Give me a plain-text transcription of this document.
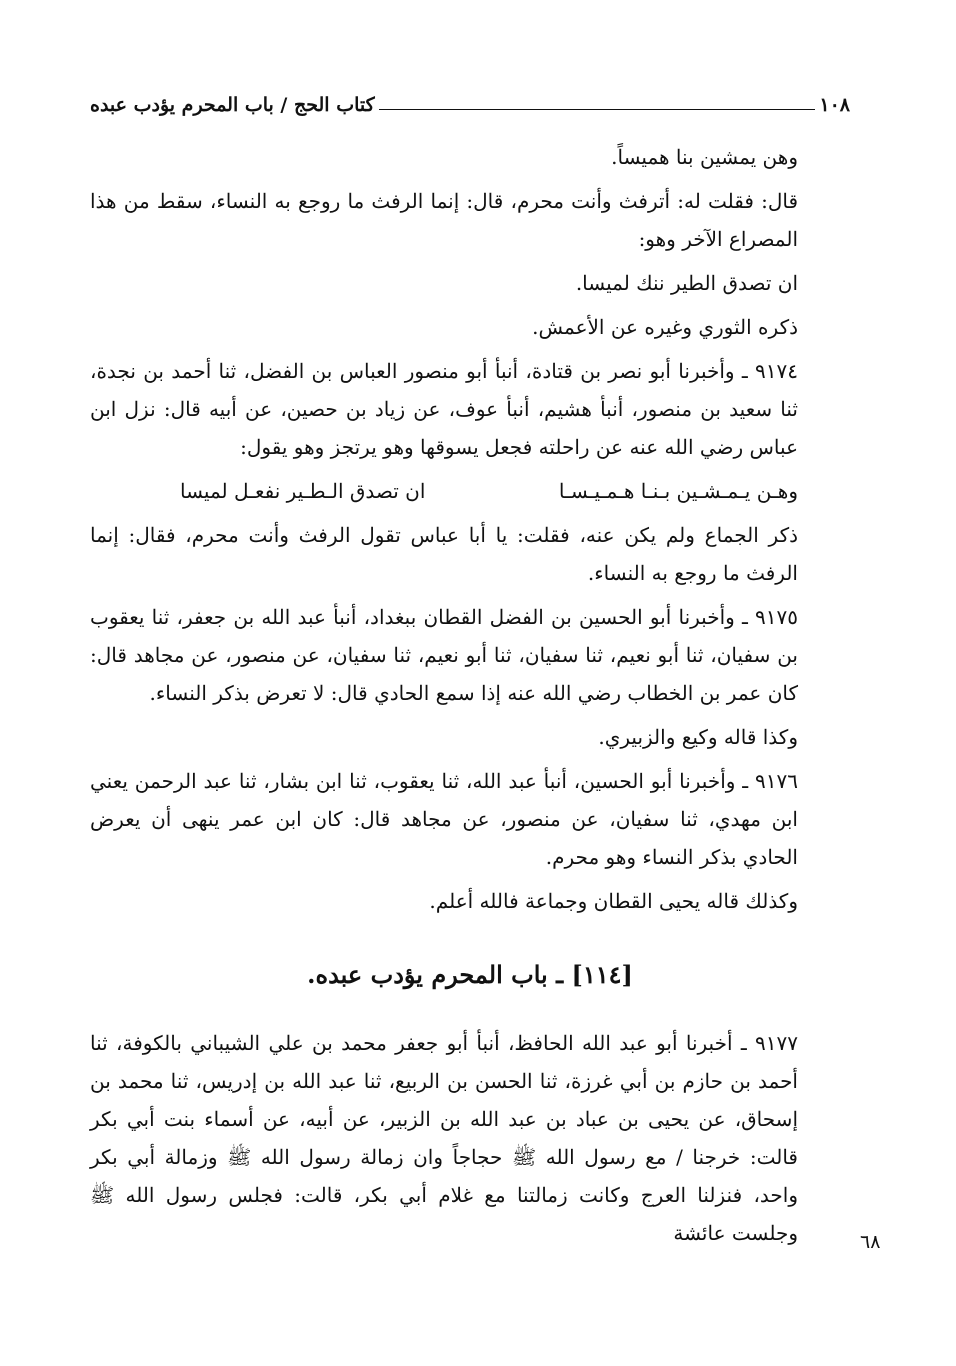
١٠٨
كتاب الحج / باب المحرم يؤدب عبده

وهن يمشين بنا هميساً.

قال: فقلت له: أترفث وأنت محرم، قال: إنما الرفث ما روجع به النساء، سقط من هذا المصراع الآخر وهو:

ان تصدق الطير ننك لميسا.

ذكره الثوري وغيره عن الأعمش.

٩١٧٤ ـ وأخبرنا أبو نصر بن قتادة، أنبأ أبو منصور العباس بن الفضل، ثنا أحمد بن نجدة، ثنا سعيد بن منصور، أنبأ هشيم، أنبأ عوف، عن زياد بن حصين، عن أبيه قال: نزل ابن عباس رضي الله عنه عن راحلته فجعل يسوقها وهو يرتجز وهو يقول:

وهـن يـمـشـين بـنـا هـمـيـسـا
ان تصدق الـطـير نفعـل لميسا

ذكر الجماع ولم يكن عنه، فقلت: يا أبا عباس تقول الرفث وأنت محرم، فقال: إنما الرفث ما روجع به النساء.

٩١٧٥ ـ وأخبرنا أبو الحسين بن الفضل القطان ببغداد، أنبأ عبد الله بن جعفر، ثنا يعقوب بن سفيان، ثنا أبو نعيم، ثنا سفيان، ثنا أبو نعيم، ثنا سفيان، عن منصور، عن مجاهد قال: كان عمر بن الخطاب رضي الله عنه إذا سمع الحادي قال: لا تعرض بذكر النساء.

وكذا قاله وكيع والزبيري.

٩١٧٦ ـ وأخبرنا أبو الحسين، أنبأ عبد الله، ثنا يعقوب، ثنا ابن بشار، ثنا عبد الرحمن يعني ابن مهدي، ثنا سفيان، عن منصور، عن مجاهد قال: كان ابن عمر ينهى أن يعرض الحادي بذكر النساء وهو محرم.

وكذلك قاله يحيى القطان وجماعة فالله أعلم.

[١١٤] ـ باب المحرم يؤدب عبده.

٩١٧٧ ـ أخبرنا أبو عبد الله الحافظ، أنبأ أبو جعفر محمد بن علي الشيباني بالكوفة، ثنا أحمد بن حازم بن أبي غرزة، ثنا الحسن بن الربيع، ثنا عبد الله بن إدريس، ثنا محمد بن إسحاق، عن يحيى بن عباد بن عبد الله بن الزبير، عن أبيه، عن أسماء بنت أبي بكر قالت: خرجنا / مع رسول الله ﷺ حجاجاً وان زمالة رسول الله ﷺ وزمالة أبي بكر واحد، فنزلنا العرج وكانت زمالتنا مع غلام أبي بكر، قالت: فجلس رسول الله ﷺ وجلست عائشة	٦٨
